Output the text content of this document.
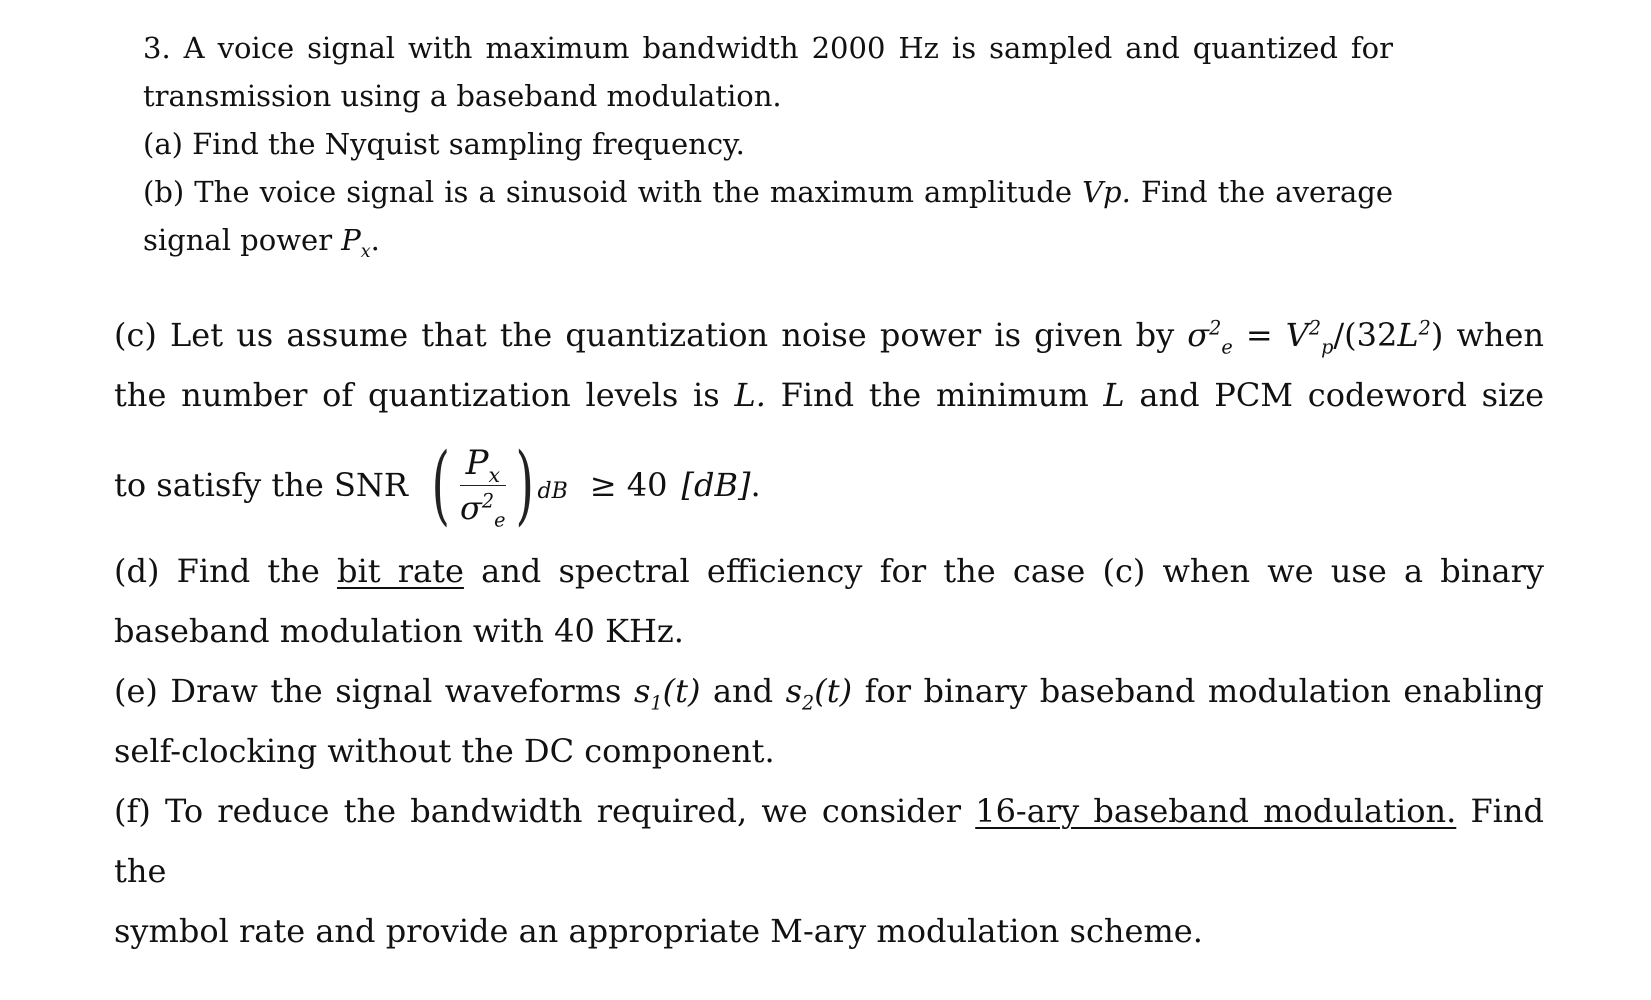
3. A voice signal with maximum bandwidth 2000 Hz is sampled and quantized for
transmission using a baseband modulation.
(a) Find the Nyquist sampling frequency.
(b) The voice signal is a sinusoid with the maximum amplitude Vp. Find the average
signal power $P_x$.
(c) Let us assume that the quantization noise power is given by $\sigma^2_e = V^2_p/(32L^2)$ when
the number of quantization levels is L. Find the minimum L and PCM codeword size
to satisfy the SNR ( $\frac{P_x}{\sigma^2_e}$ ) dB ≥ 40 [dB] .
(d) Find the bit rate and spectral efficiency for the case (c) when we use a binary
baseband modulation with 40 KHz.
(e) Draw the signal waveforms $s_1(t)$ and $s_2(t)$ for binary baseband modulation enabling
self-clocking without the DC component.
(f) To reduce the bandwidth required, we consider 16-ary baseband modulation. Find the
symbol rate and provide an appropriate M-ary modulation scheme.
